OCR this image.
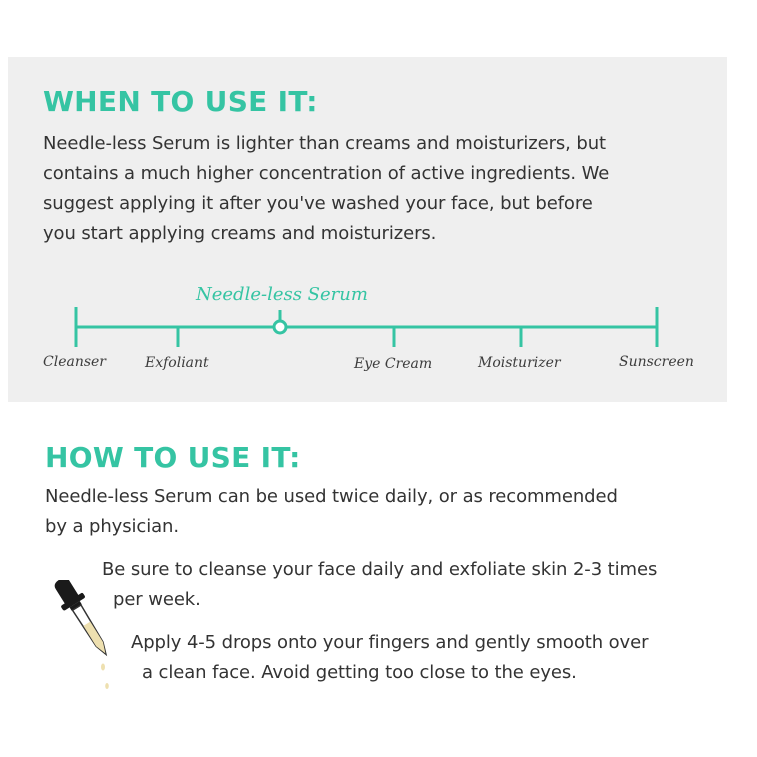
WHEN TO USE IT:

Needle-less Serum is lighter than creams and moisturizers, but
contains a much higher concentration of active ingredients. We
suggest applying it after you've washed your face, but before
you start applying creams and moisturizers.

Needle-less Serum
Cleanser	Exfoliant	Eye Cream	Moisturizer	Sunscreen
HOW TO USE IT:

Needle-less Serum can be used twice daily, or as recommended
by a physician.

Be sure to cleanse your face daily and exfoliate skin 2-3 times
per week.

Apply 4-5 drops onto your fingers and gently smooth over
a clean face. Avoid getting too close to the eyes.
